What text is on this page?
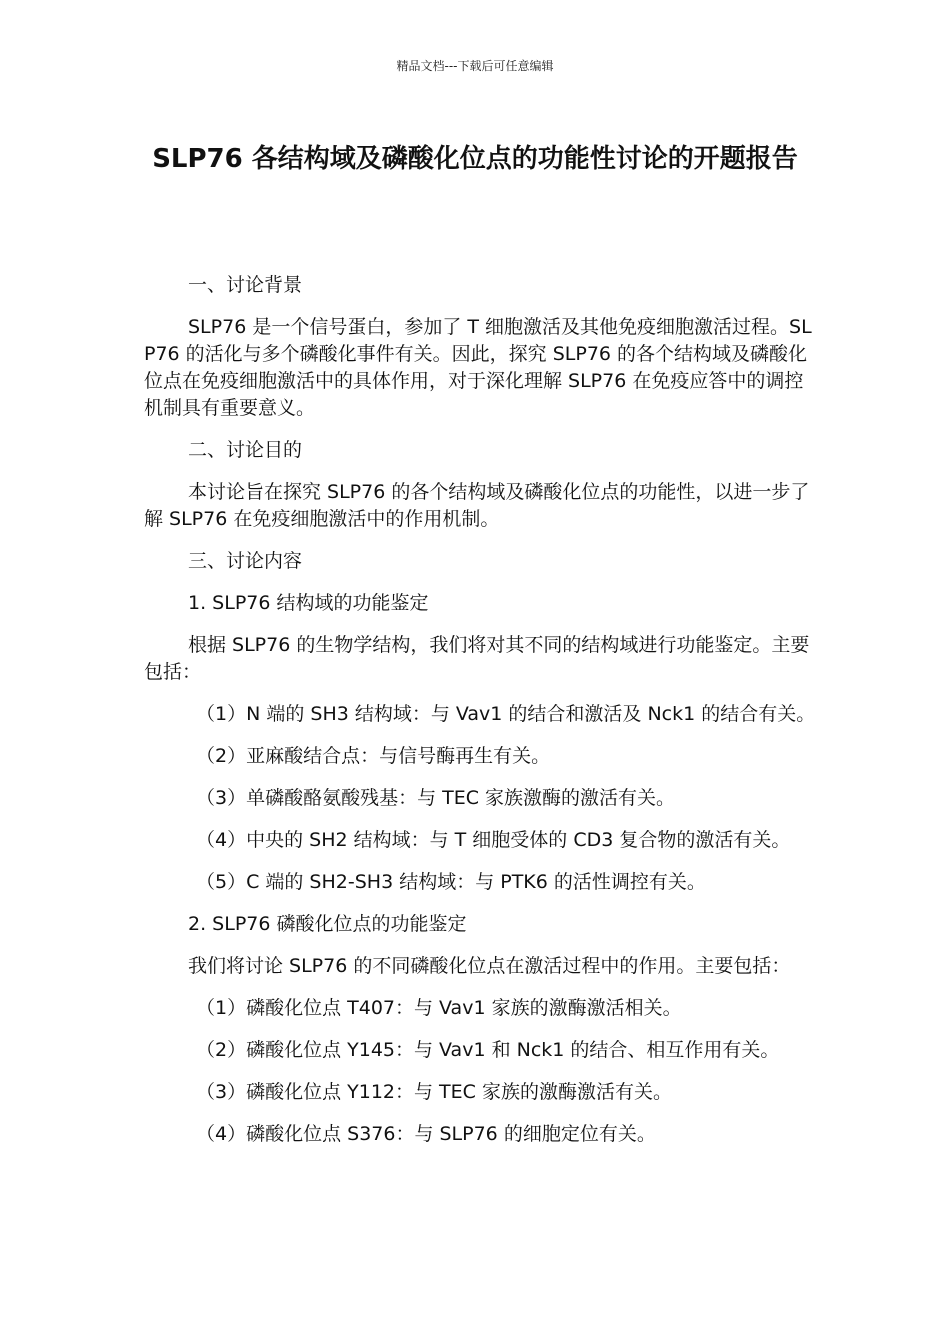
精品文档---下载后可任意编辑
SLP76 各结构域及磷酸化位点的功能性讨论的开题报告

一、讨论背景

SLP76 是一个信号蛋白，参加了 T 细胞激活及其他免疫细胞激活过程。SLP76 的活化与多个磷酸化事件有关。因此，探究 SLP76 的各个结构域及磷酸化位点在免疫细胞激活中的具体作用，对于深化理解 SLP76 在免疫应答中的调控机制具有重要意义。

二、讨论目的

本讨论旨在探究 SLP76 的各个结构域及磷酸化位点的功能性，以进一步了解 SLP76 在免疫细胞激活中的作用机制。

三、讨论内容

1. SLP76 结构域的功能鉴定

根据 SLP76 的生物学结构，我们将对其不同的结构域进行功能鉴定。主要包括：

（1）N 端的 SH3 结构域：与 Vav1 的结合和激活及 Nck1 的结合有关。

（2）亚麻酸结合点：与信号酶再生有关。

（3）单磷酸酪氨酸残基：与 TEC 家族激酶的激活有关。

（4）中央的 SH2 结构域：与 T 细胞受体的 CD3 复合物的激活有关。

（5）C 端的 SH2-SH3 结构域：与 PTK6 的活性调控有关。

2. SLP76 磷酸化位点的功能鉴定

我们将讨论 SLP76 的不同磷酸化位点在激活过程中的作用。主要包括：

（1）磷酸化位点 T407：与 Vav1 家族的激酶激活相关。

（2）磷酸化位点 Y145：与 Vav1 和 Nck1 的结合、相互作用有关。

（3）磷酸化位点 Y112：与 TEC 家族的激酶激活有关。

（4）磷酸化位点 S376：与 SLP76 的细胞定位有关。
